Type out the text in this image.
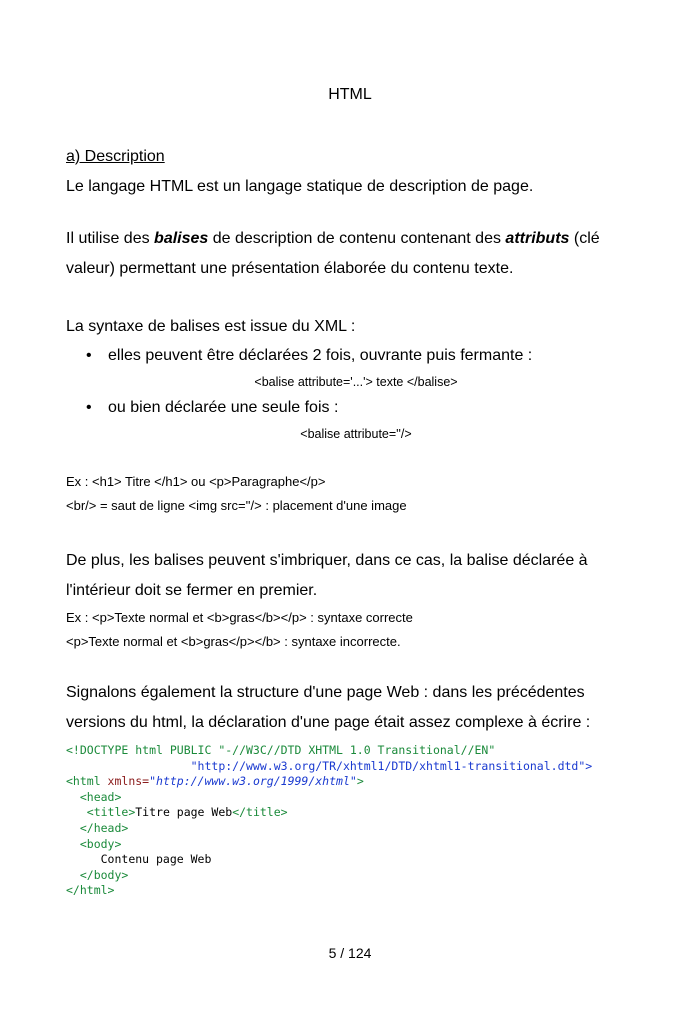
HTML

a) Description

Le langage HTML est un langage statique de description de page.

Il utilise des balises de description de contenu contenant des attributs (clé valeur) permettant une présentation élaborée du contenu texte.

La syntaxe de balises est issue du XML :

• elles peuvent être déclarées 2 fois, ouvrante puis fermante :
<balise attribute='...'> texte </balise>
• ou bien déclarée une seule fois :
<balise attribute=''/>

Ex : <h1> Titre </h1> ou <p>Paragraphe</p>

<br/> = saut de ligne <img src=''/> : placement d'une image

De plus, les balises peuvent s'imbriquer, dans ce cas, la balise déclarée à l'intérieur doit se fermer en premier.

Ex : <p>Texte normal et <b>gras</b></p> : syntaxe correcte

<p>Texte normal et <b>gras</p></b> : syntaxe incorrecte.

Signalons également la structure d'une page Web : dans les précédentes versions du html, la déclaration d'une page était assez complexe à écrire :

<!DOCTYPE html PUBLIC "-//W3C//DTD XHTML 1.0 Transitional//EN"
"http://www.w3.org/TR/xhtml1/DTD/xhtml1-transitional.dtd">
<html xmlns="http://www.w3.org/1999/xhtml">
<head>
<title>Titre page Web</title>
</head>
<body>
Contenu page Web
</body>
</html>
5 / 124
